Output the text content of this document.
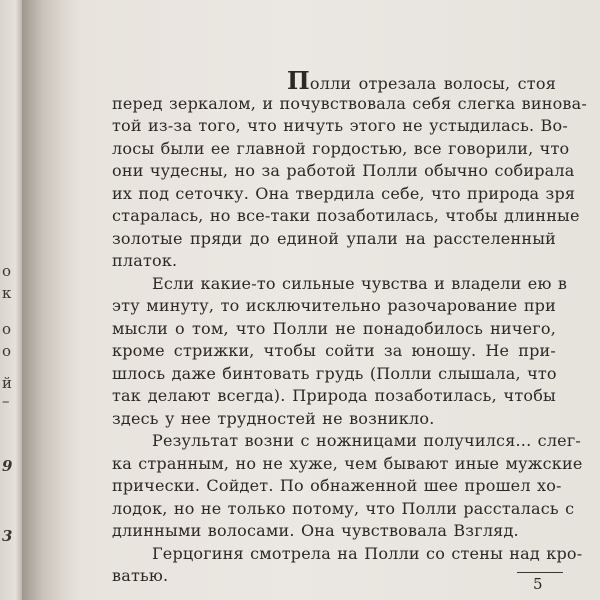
о
к
о
о
й
–
9
3
Полли отрезала волосы, стоя
перед зеркалом, и почувствовала себя слегка винова-
той из-за того, что ничуть этого не устыдилась. Во-
лосы были ее главной гордостью, все говорили, что
они чудесны, но за работой Полли обычно собирала
их под сеточку. Она твердила себе, что природа зря
старалась, но все-таки позаботилась, чтобы длинные
золотые пряди до единой упали на расстеленный
платок.
Если какие-то сильные чувства и владели ею в
эту минуту, то исключительно разочарование при
мысли о том, что Полли не понадобилось ничего,
кроме стрижки, чтобы сойти за юношу. Не при-
шлось даже бинтовать грудь (Полли слышала, что
так делают всегда). Природа позаботилась, чтобы
здесь у нее трудностей не возникло.
Результат возни с ножницами получился... слег-
ка странным, но не хуже, чем бывают иные мужские
прически. Сойдет. По обнаженной шее прошел хо-
лодок, но не только потому, что Полли рассталась с
длинными волосами. Она чувствовала Взгляд.
Герцогиня смотрела на Полли со стены над кро-
ватью.	5
